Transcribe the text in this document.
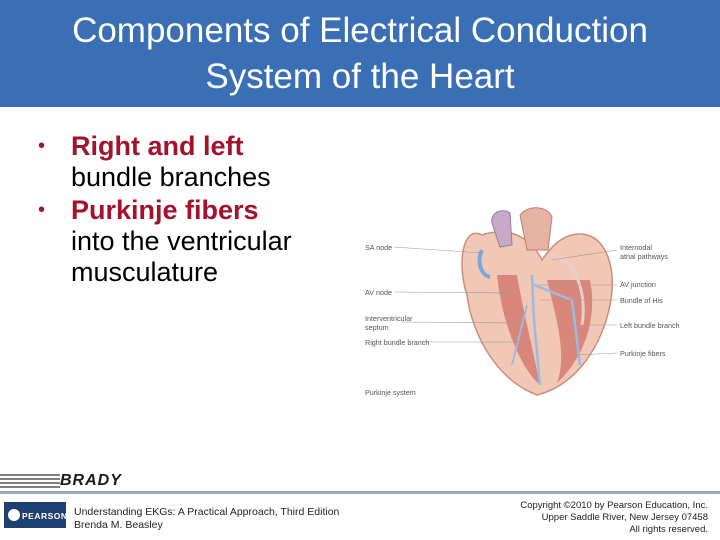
Components of Electrical Conduction
System of the Heart
• Right and left
bundle branches
• Purkinje fibers
into the ventricular
musculature
SA node
AV node
Interventricular
septum
Right bundle branch
Purkinje system
Internodal
atrial pathways
AV junction
Bundle of His
Left bundle branch
Purkinje fibers
BRADY
PEARSON Understanding EKGs: A Practical Approach, Third Edition
Brenda M. Beasley
Copyright ©2010 by Pearson Education, Inc.
Upper Saddle River, New Jersey 07458
All rights reserved.
